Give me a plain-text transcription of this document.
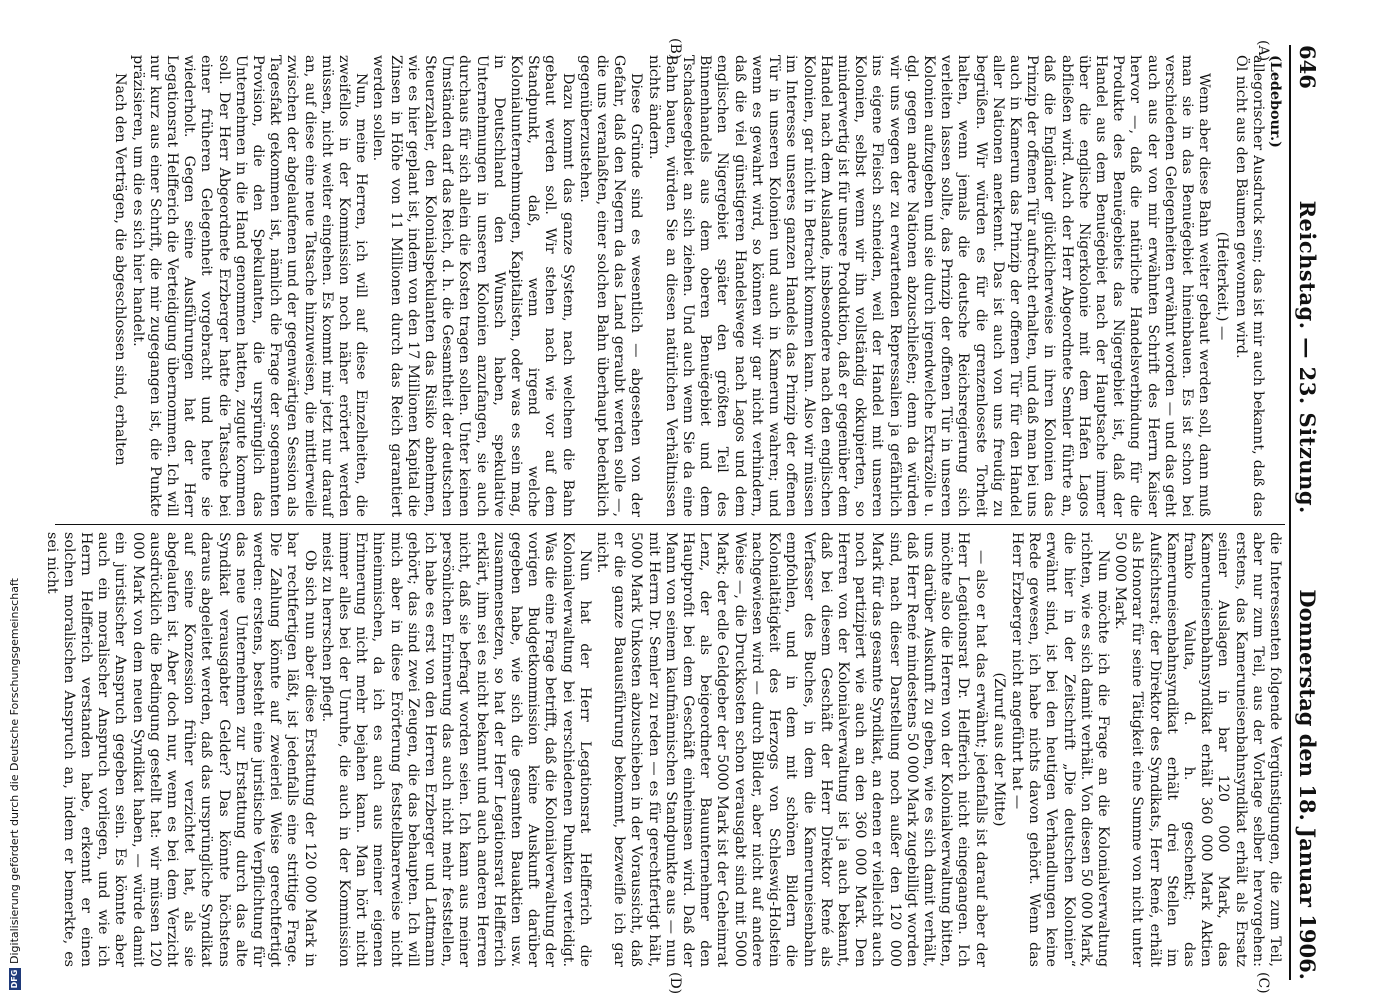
646
Reichstag. — 23. Sitzung.
Donnerstag den 18. Januar 1906.
(A)
(B)
(C)
(D)

(Ledebour.)

allegorischer Ausdruck sein; das ist mir auch bekannt, daß das Öl nicht aus den Bäumen gewonnen wird.

(Heiterkeit.) —

Wenn aber diese Bahn weiter gebaut werden soll, dann muß man sie in das Benuëgebiet hineinbauen. Es ist schon bei verschiedenen Gelegenheiten erwähnt worden — und das geht auch aus der von mir erwähnten Schrift des Herrn Kaiser hervor —, daß die natürliche Handelsverbindung für die Produkte des Benuëgebiets das Nigergebiet ist, daß der Handel aus dem Benuëgebiet nach der Hauptsache immer über die englische Nigerkolonie mit dem Hafen Lagos abfließen wird. Auch der Herr Abgeordnete Semler führte an, daß die Engländer glücklicherweise in ihren Kolonien das Prinzip der offenen Tür aufrecht erhalten, und daß man bei uns auch in Kamerun das Prinzip der offenen Tür für den Handel aller Nationen anerkennt. Das ist auch von uns freudig zu begrüßen. Wir würden es für die grenzenloseste Torheit halten, wenn jemals die deutsche Reichsregierung sich verleiten lassen sollte, das Prinzip der offenen Tür in unseren Kolonien aufzugeben und sie durch irgendwelche Extrazölle u. dgl. gegen andere Nationen abzuschließen; denn da würden wir uns wegen der zu erwartenden Repressalien ja gefährlich ins eigene Fleisch schneiden, weil der Handel mit unseren Kolonien, selbst wenn wir ihn vollständig okkupierten, so minderwertig ist für unsere Produktion, daß er gegenüber dem Handel nach dem Auslande, insbesondere nach den englischen Kolonien, gar nicht in Betracht kommen kann. Also wir müssen im Interesse unseres ganzen Handels das Prinzip der offenen Tür in unseren Kolonien und auch in Kamerun wahren; und wenn es gewahrt wird, so können wir gar nicht verhindern, daß die viel günstigeren Handelswege nach Lagos und dem englischen Nigergebiet später den größten Teil des Binnenhandels aus dem oberen Benuëgebiet und dem Tschadseegebiet an sich ziehen. Und auch wenn Sie da eine Bahn bauen, würden Sie an diesen natürlichen Verhältnissen nichts ändern.

Diese Gründe sind es wesentlich — abgesehen von der Gefahr, daß den Negern da das Land geraubt werden solle —, die uns veranlaßten, einer solchen Bahn überhaupt bedenklich gegenüberzustehen.

Dazu kommt das ganze System, nach welchem die Bahn gebaut werden soll. Wir stehen nach wie vor auf dem Standpunkt, daß, wenn irgend welche Kolonialunternehmungen, Kapitalisten, oder was es sein mag, in Deutschland den Wunsch haben, spekulative Unternehmungen in unseren Kolonien anzufangen, sie auch durchaus für sich allein die Kosten tragen sollen. Unter keinen Umständen darf das Reich, d. h. die Gesamtheit der deutschen Steuerzahler, den Kolonialspekulanten das Risiko abnehmen, wie es hier geplant ist, indem von den 17 Millionen Kapital die Zinsen in Höhe von 11 Millionen durch das Reich garantiert werden sollen.

Nun, meine Herren, ich will auf diese Einzelheiten, die zweifellos in der Kommission noch näher erörtert werden müssen, nicht weiter eingehen. Es kommt mir jetzt nur darauf an, auf diese eine neue Tatsache hinzuweisen, die mittlerweile zwischen der abgelaufenen und der gegenwärtigen Session als Tagesfakt gekommen ist, nämlich die Frage der sogenannten Provision, die den Spekulanten, die ursprünglich das Unternehmen in die Hand genommen hatten, zugute kommen soll. Der Herr Abgeordnete Erzberger hatte die Tatsache bei einer früheren Gelegenheit vorgebracht und heute sie wiederholt. Gegen seine Ausführungen hat der Herr Legationsrat Helfferich die Verteidigung übernommen. Ich will nur kurz aus einer Schrift, die mir zugegangen ist, die Punkte präzisieren, um die es sich hier handelt.

Nach den Verträgen, die abgeschlossen sind, erhalten

die Interessenten folgende Vergünstigungen, die zum Teil, aber nur zum Teil, aus der Vorlage selber hervorgehen: erstens, das Kameruneisenbahnsyndikat erhält als Ersatz seiner Auslagen in bar 120 000 Mark, das Kameruneisenbahnsyndikat erhält 360 000 Mark Aktien franko Valuta, d. h. geschenkt; das Kameruneisenbahnsyndikat erhält drei Stellen im Aufsichtsrat; der Direktor des Syndikats, Herr René, erhält als Honorar für seine Tätigkeit eine Summe von nicht unter 50 000 Mark.

Nun möchte ich die Frage an die Kolonialverwaltung richten, wie es sich damit verhält. Von diesen 50 000 Mark, die hier in der Zeitschrift „Die deutschen Kolonien“ erwähnt sind, ist bei den heutigen Verhandlungen keine Rede gewesen, ich habe nichts davon gehört. Wenn das Herr Erzberger nicht angeführt hat —

(Zuruf aus der Mitte)

— also er hat das erwähnt; jedenfalls ist darauf aber der Herr Legationsrat Dr. Helfferich nicht eingegangen. Ich möchte also die Herren von der Kolonialverwaltung bitten, uns darüber Auskunft zu geben, wie es sich damit verhält, daß Herr René mindestens 50 000 Mark zugebilligt worden sind, nach dieser Darstellung noch außer den 120 000 Mark für das gesamte Syndikat, an denen er vielleicht auch noch partizipiert wie auch an den 360 000 Mark. Den Herren von der Kolonialverwaltung ist ja auch bekannt, daß bei diesem Geschäft der Herr Direktor René als Verfasser des Buches, in dem die Kameruneisenbahn empfohlen, und in dem mit schönen Bildern die Kolonialtätigkeit des Herzogs von Schleswig-Holstein nachgewiesen wird — durch Bilder, aber nicht auf andere Weise —, die Druckkosten schon verausgabt sind mit 5000 Mark; der edle Geldgeber der 5000 Mark ist der Geheimrat Lenz, der als beigeordneter Bauunternehmer den Hauptprofit bei dem Geschäft einheimsen wird. Daß der Mann von seinem kaufmännischen Standpunkte aus — nun mit Herrn Dr. Semler zu reden — es für gerechtfertigt hält, 5000 Mark Unkosten abzuschieben in der Voraussicht, daß er die ganze Bauausführung bekommt, bezweifle ich gar nicht.

Nun hat der Herr Legationsrat Helfferich die Kolonialverwaltung bei verschiedenen Punkten verteidigt. Was die eine Frage betrifft, daß die Kolonialverwaltung der vorigen Budgetkommission keine Auskunft darüber gegeben habe, wie sich die gesamten Bauaktien usw. zusammensetzen, so hat der Herr Legationsrat Helfferich erklärt, ihm sei es nicht bekannt und auch anderen Herren nicht, daß sie befragt worden seien. Ich kann aus meiner persönlichen Erinnerung das auch nicht mehr feststellen, ich habe es erst von den Herren Erzberger und Lattmann gehört; das sind zwei Zeugen, die das behaupten. Ich will mich aber in diese Erörterung feststellbarerweise nicht hineinmischen, da ich es auch aus meiner eigenen Erinnerung nicht mehr bejahen kann. Man hört nicht immer alles bei der Unruhe, die auch in der Kommission meist zu herrschen pflegt.

Ob sich nun aber diese Erstattung der 120 000 Mark in bar rechtfertigen läßt, ist jedenfalls eine strittige Frage. Die Zahlung könnte auf zweierlei Weise gerechtfertigt werden: erstens, besteht eine juristische Verpflichtung für das neue Unternehmen zur Erstattung durch das alte Syndikat verausgabter Gelder? Das könnte höchstens daraus abgeleitet werden, daß das ursprüngliche Syndikat auf seine Konzession früher verzichtet hat, als sie abgelaufen ist. Aber doch nur, wenn es bei dem Verzicht ausdrücklich die Bedingung gestellt hat: wir müssen 120 000 Mark von dem neuen Syndikat haben, — würde damit ein juristischer Anspruch gegeben sein. Es könnte aber auch ein moralischer Anspruch vorliegen, und wie ich Herrn Helfferich verstanden habe, erkennt er einen solchen moralischen Anspruch an, indem er bemerkte, es sei nicht

DFG
Digitalisierung gefördert durch die Deutsche Forschungsgemeinschaft
